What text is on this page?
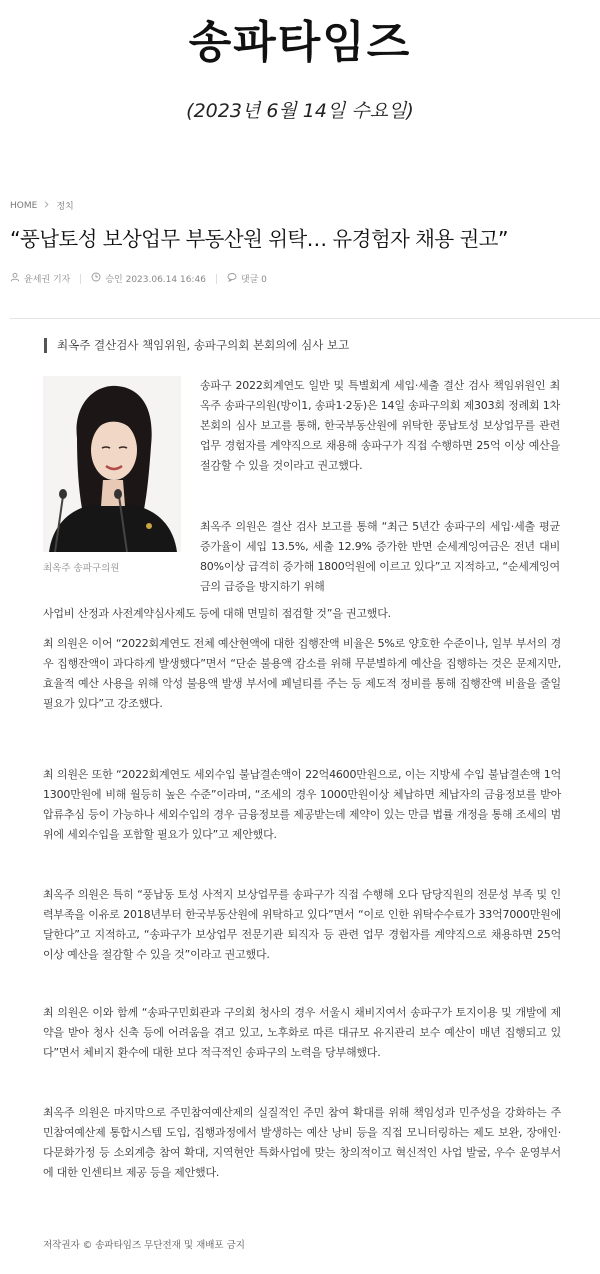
송파타임즈
(2023년 6월 14일 수요일)
HOME 정치
“풍납토성 보상업무 부동산원 위탁… 유경험자 채용 권고”
윤세권 기자	승인 2023.06.14 16:46	댓글 0
최옥주 결산검사 책임위원, 송파구의회 본회의에 심사 보고
최옥주 송파구의원

송파구 2022회계연도 일반 및 특별회계 세입·세출 결산 검사 책임위원인 최옥주 송파구의원(방이1, 송파1·2동)은 14일 송파구의회 제303회 정례회 1차 본회의 심사 보고를 통해, 한국부동산원에 위탁한 풍납토성 보상업무를 관련업무 경험자를 계약직으로 채용해 송파구가 직접 수행하면 25억 이상 예산을 절감할 수 있을 것이라고 권고했다.

최옥주 의원은 결산 검사 보고를 통해 “최근 5년간 송파구의 세입·세출 평균 증가율이 세입 13.5%, 세출 12.9% 증가한 반면 순세계잉여금은 전년 대비 80%이상 급격히 증가해 1800억원에 이르고 있다”고 지적하고, “순세계잉여금의 급증을 방지하기 위해

사업비 산정과 사전계약심사제도 등에 대해 면밀히 점검할 것”을 권고했다.

최 의원은 이어 “2022회계연도 전체 예산현액에 대한 집행잔액 비율은 5%로 양호한 수준이나, 일부 부서의 경우 집행잔액이 과다하게 발생했다”면서 “단순 불용액 감소를 위해 무분별하게 예산을 집행하는 것은 문제지만, 효율적 예산 사용을 위해 악성 불용액 발생 부서에 페널티를 주는 등 제도적 정비를 통해 집행잔액 비율을 줄일 필요가 있다”고 강조했다.

최 의원은 또한 “2022회계연도 세외수입 불납결손액이 22억4600만원으로, 이는 지방세 수입 불납결손액 1억1300만원에 비해 월등히 높은 수준”이라며, “조세의 경우 1000만원이상 체납하면 체납자의 금융정보를 받아 압류추심 등이 가능하나 세외수입의 경우 금융정보를 제공받는데 제약이 있는 만큼 법률 개정을 통해 조세의 범위에 세외수입을 포함할 필요가 있다”고 제안했다.

최옥주 의원은 특히 “풍납동 토성 사적지 보상업무를 송파구가 직접 수행해 오다 담당직원의 전문성 부족 및 인력부족을 이유로 2018년부터 한국부동산원에 위탁하고 있다”면서 “이로 인한 위탁수수료가 33억7000만원에 달한다”고 지적하고, “송파구가 보상업무 전문기관 퇴직자 등 관련 업무 경험자를 계약직으로 채용하면 25억 이상 예산을 절감할 수 있을 것”이라고 권고했다.

최 의원은 이와 함께 “송파구민회관과 구의회 청사의 경우 서울시 채비지여서 송파구가 토지이용 및 개발에 제약을 받아 청사 신축 등에 어려움을 겪고 있고, 노후화로 따른 대규모 유지관리 보수 예산이 매년 집행되고 있다”면서 체비지 환수에 대한 보다 적극적인 송파구의 노력을 당부해했다.

최옥주 의원은 마지막으로 주민참여예산제의 실질적인 주민 참여 확대를 위해 책임성과 민주성을 강화하는 주민참여예산제 통합시스템 도입, 집행과정에서 발생하는 예산 낭비 등을 직접 모니터링하는 제도 보완, 장애인·다문화가정 등 소외계층 참여 확대, 지역현안 특화사업에 맞는 창의적이고 혁신적인 사업 발굴, 우수 운영부서에 대한 인센티브 제공 등을 제안했다.

저작권자 © 송파타임즈 무단전재 및 재배포 금지
